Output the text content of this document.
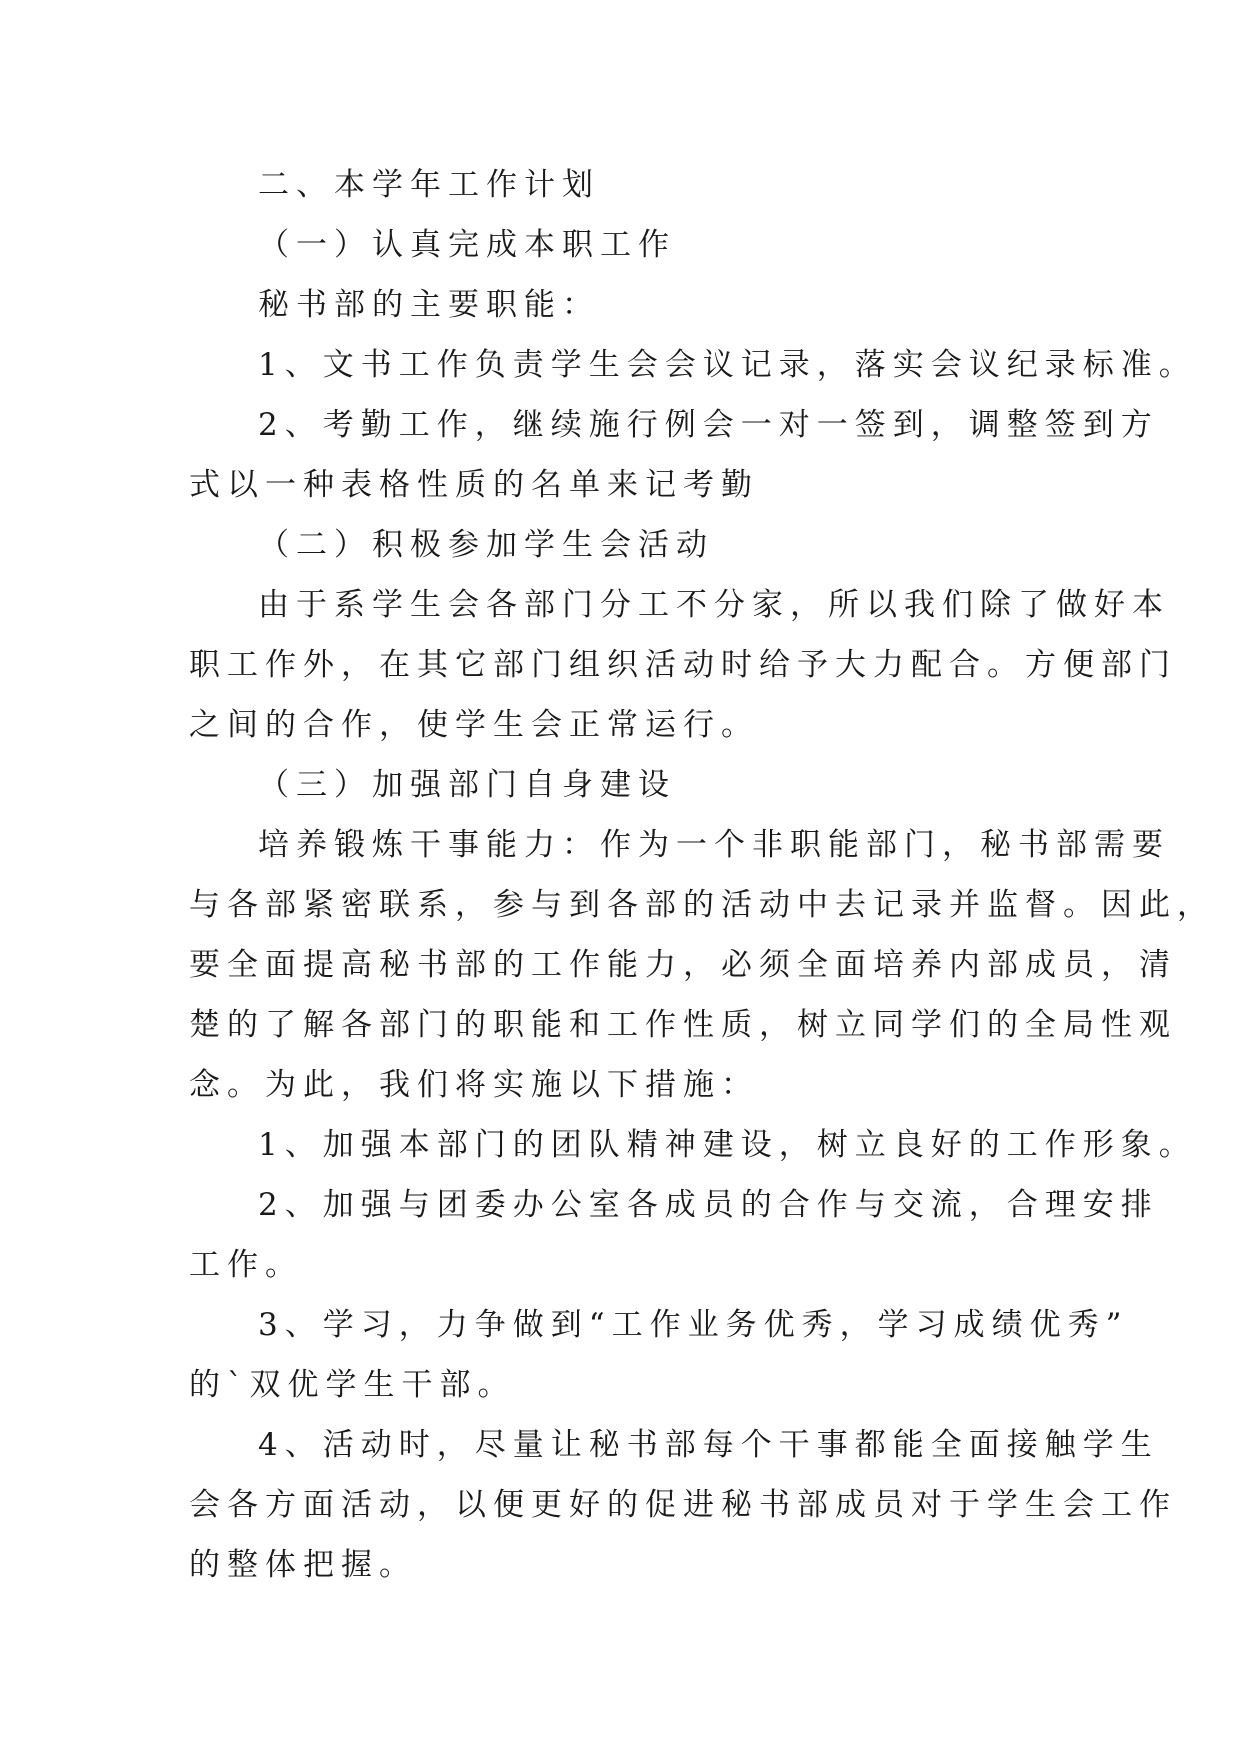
二、本学年工作计划
（一）认真完成本职工作
秘书部的主要职能：
1、文书工作负责学生会会议记录，落实会议纪录标准。
2、考勤工作，继续施行例会一对一签到，调整签到方
式以一种表格性质的名单来记考勤
（二）积极参加学生会活动
由于系学生会各部门分工不分家，所以我们除了做好本
职工作外，在其它部门组织活动时给予大力配合。方便部门
之间的合作，使学生会正常运行。
（三）加强部门自身建设
培养锻炼干事能力：作为一个非职能部门，秘书部需要
与各部紧密联系，参与到各部的活动中去记录并监督。因此，
要全面提高秘书部的工作能力，必须全面培养内部成员，清
楚的了解各部门的职能和工作性质，树立同学们的全局性观
念。为此，我们将实施以下措施：
1、加强本部门的团队精神建设，树立良好的工作形象。
2、加强与团委办公室各成员的合作与交流，合理安排
工作。
3、学习，力争做到“工作业务优秀，学习成绩优秀”
的`双优学生干部。
4、活动时，尽量让秘书部每个干事都能全面接触学生
会各方面活动，以便更好的促进秘书部成员对于学生会工作
的整体把握。
